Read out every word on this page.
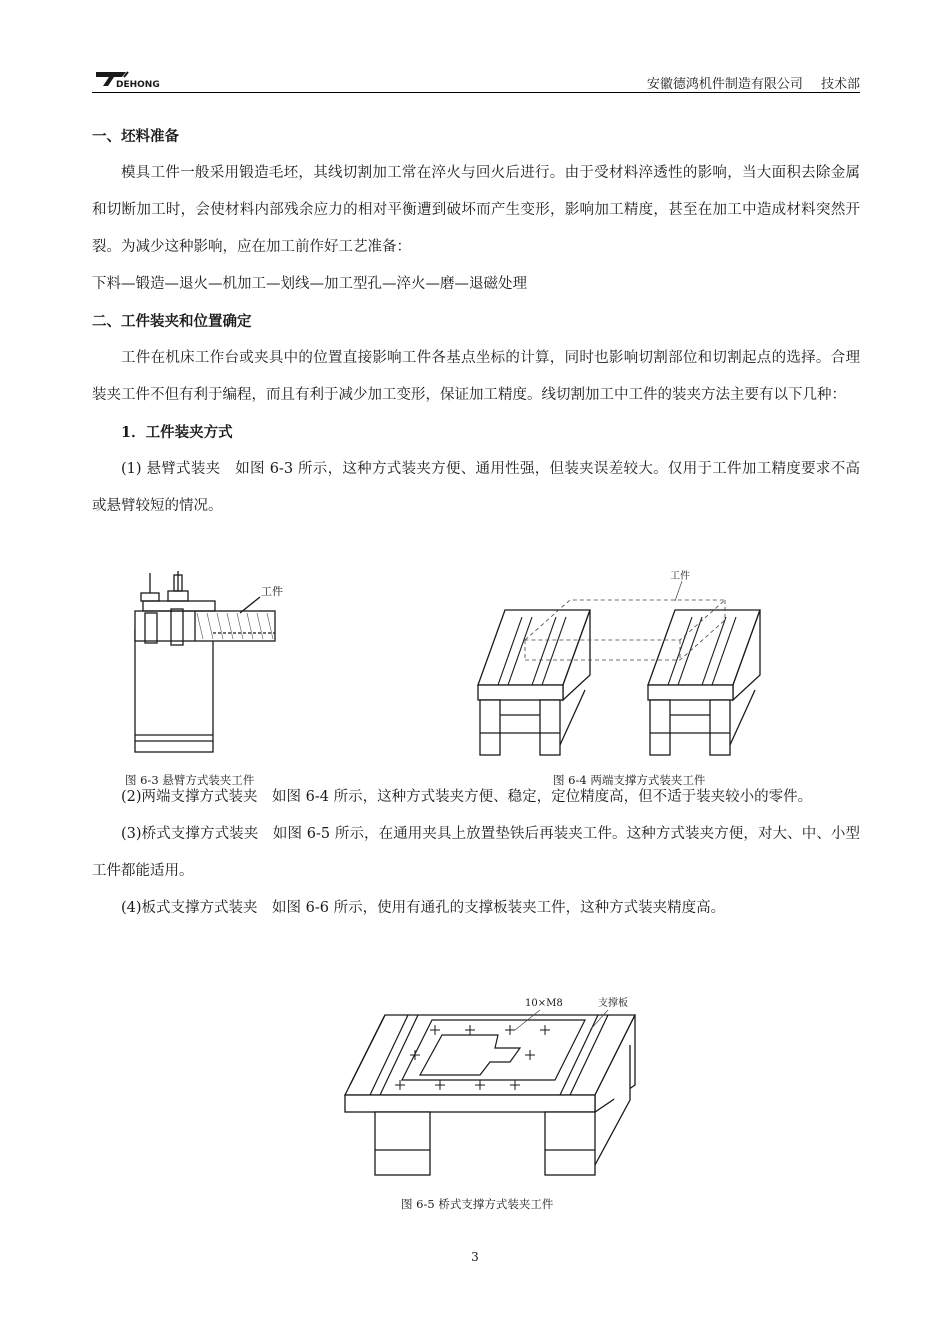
DEHONG	安徽德鸿机件制造有限公司 技术部

一、坯料准备

模具工件一般采用锻造毛坯，其线切割加工常在淬火与回火后进行。由于受材料淬透性的影响，当大面积去除金属和切断加工时，会使材料内部残余应力的相对平衡遭到破坏而产生变形，影响加工精度，甚至在加工中造成材料突然开裂。为减少这种影响，应在加工前作好工艺准备：

下料—锻造—退火—机加工—划线—加工型孔—淬火—磨—退磁处理

二、工件装夹和位置确定

工件在机床工作台或夹具中的位置直接影响工件各基点坐标的计算，同时也影响切割部位和切割起点的选择。合理装夹工件不但有利于编程，而且有利于减少加工变形，保证加工精度。线切割加工中工件的装夹方法主要有以下几种：

1．工件装夹方式

(1) 悬臂式装夹　如图 6-3 所示，这种方式装夹方便、通用性强，但装夹误差较大。仅用于工件加工精度要求不高或悬臂较短的情况。

(2)两端支撑方式装夹　如图 6-4 所示，这种方式装夹方便、稳定，定位精度高，但不适于装夹较小的零件。

(3)桥式支撑方式装夹　如图 6-5 所示，在通用夹具上放置垫铁后再装夹工件。这种方式装夹方便，对大、中、小型工件都能适用。

(4)板式支撑方式装夹　如图 6-6 所示，使用有通孔的支撑板装夹工件，这种方式装夹精度高。

工件
图 6-3 悬臂方式装夹工件
工件
图 6-4 两端支撑方式装夹工件
10×M8	支撑板
图 6-5 桥式支撑方式装夹工件
3
